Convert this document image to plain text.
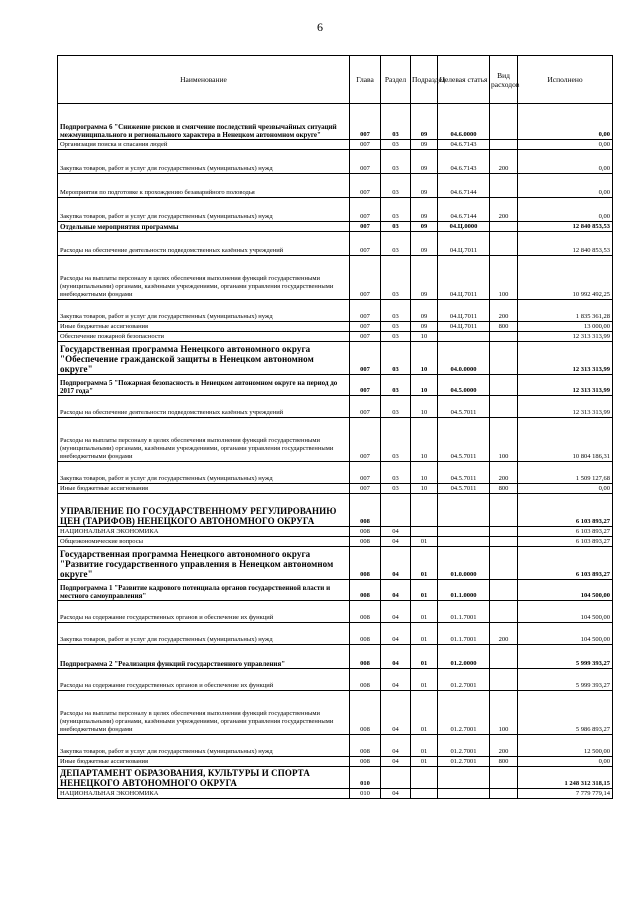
6
Наименование	Глава	Раздел	Подраздел	Целевая статья	Вид расходов	Исполнено
Подпрограмма 6 "Снижение рисков и смягчение последствий чрезвычайных ситуаций межмуниципального и регионального характера в Ненецком автономном округе"	007	03	09	04.6.0000		0,00
Организация поиска и спасания людей	007	03	09	04.6.7143		0,00
Закупка товаров, работ и услуг для государственных (муниципальных) нужд	007	03	09	04.6.7143	200	0,00
Мероприятия по подготовке к прохождению безаварийного половодья	007	03	09	04.6.7144		0,00
Закупка товаров, работ и услуг для государственных (муниципальных) нужд	007	03	09	04.6.7144	200	0,00
Отдельные мероприятия программы	007	03	09	04.Ц.0000		12 840 853,53
Расходы на обеспечение деятельности подведомственных казённых учреждений	007	03	09	04.Ц.7011		12 840 853,53
Расходы на выплаты персоналу в целях обеспечения выполнения функций государственными (муниципальными) органами, казёнными учреждениями, органами управления государственными внебюджетными фондами	007	03	09	04.Ц.7011	100	10 992 492,25
Закупка товаров, работ и услуг для государственных (муниципальных) нужд	007	03	09	04.Ц.7011	200	1 835 361,28
Иные бюджетные ассигнования	007	03	09	04.Ц.7011	800	13 000,00
Обеспечение пожарной безопасности	007	03	10			12 313 313,99
Государственная программа Ненецкого автономного округа "Обеспечение гражданской защиты в Ненецком автономном округе"	007	03	10	04.0.0000		12 313 313,99
Подпрограмма 5 "Пожарная безопасность в Ненецком автономном округе на период до 2017 года"	007	03	10	04.5.0000		12 313 313,99
Расходы на обеспечение деятельности подведомственных казённых учреждений	007	03	10	04.5.7011		12 313 313,99
Расходы на выплаты персоналу в целях обеспечения выполнения функций государственными (муниципальными) органами, казёнными учреждениями, органами управления государственными внебюджетными фондами	007	03	10	04.5.7011	100	10 804 186,31
Закупка товаров, работ и услуг для государственных (муниципальных) нужд	007	03	10	04.5.7011	200	1 509 127,68
Иные бюджетные ассигнования	007	03	10	04.5.7011	800	0,00
УПРАВЛЕНИЕ ПО ГОСУДАРСТВЕННОМУ РЕГУЛИРОВАНИЮ ЦЕН (ТАРИФОВ) НЕНЕЦКОГО АВТОНОМНОГО ОКРУГА	008					6 103 893,27
НАЦИОНАЛЬНАЯ ЭКОНОМИКА	008	04				6 103 893,27
Общеэкономические вопросы	008	04	01			6 103 893,27
Государственная программа Ненецкого автономного округа "Развитие государственного управления в Ненецком автономном округе"	008	04	01	01.0.0000		6 103 893,27
Подпрограмма 1 "Развитие кадрового потенциала органов государственной власти и местного самоуправления"	008	04	01	01.1.0000		104 500,00
Расходы на содержание государственных органов и обеспечение их функций	008	04	01	01.1.7001		104 500,00
Закупка товаров, работ и услуг для государственных (муниципальных) нужд	008	04	01	01.1.7001	200	104 500,00
Подпрограмма 2 "Реализация функций государственного управления"	008	04	01	01.2.0000		5 999 393,27
Расходы на содержание государственных органов и обеспечение их функций	008	04	01	01.2.7001		5 999 393,27
Расходы на выплаты персоналу в целях обеспечения выполнения функций государственными (муниципальными) органами, казёнными учреждениями, органами управления государственными внебюджетными фондами	008	04	01	01.2.7001	100	5 986 893,27
Закупка товаров, работ и услуг для государственных (муниципальных) нужд	008	04	01	01.2.7001	200	12 500,00
Иные бюджетные ассигнования	008	04	01	01.2.7001	800	0,00
ДЕПАРТАМЕНТ ОБРАЗОВАНИЯ, КУЛЬТУРЫ И СПОРТА НЕНЕЦКОГО АВТОНОМНОГО ОКРУГА	010					1 248 312 318,15
НАЦИОНАЛЬНАЯ ЭКОНОМИКА	010	04				7 779 779,14
